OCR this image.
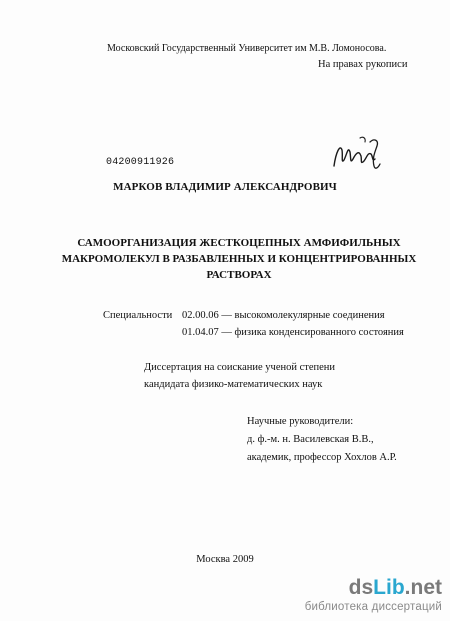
Московский Государственный Университет им М.В. Ломоносова.
На правах рукописи
04200911926
МАРКОВ ВЛАДИМИР АЛЕКСАНДРОВИЧ
САМООРГАНИЗАЦИЯ ЖЕСТКОЦЕПНЫХ АМФИФИЛЬНЫХ
МАКРОМОЛЕКУЛ В РАЗБАВЛЕННЫХ И КОНЦЕНТРИРОВАННЫХ
РАСТВОРАХ
Специальности 02.00.06 — высокомолекулярные соединения
01.04.07 — физика конденсированного состояния
Диссертация на соискание ученой степени
кандидата физико-математических наук
Научные руководители:
д. ф.-м. н. Василевская В.В.,
академик, профессор Хохлов А.Р.
Москва 2009
dsLib.net
библиотека диссертаций
